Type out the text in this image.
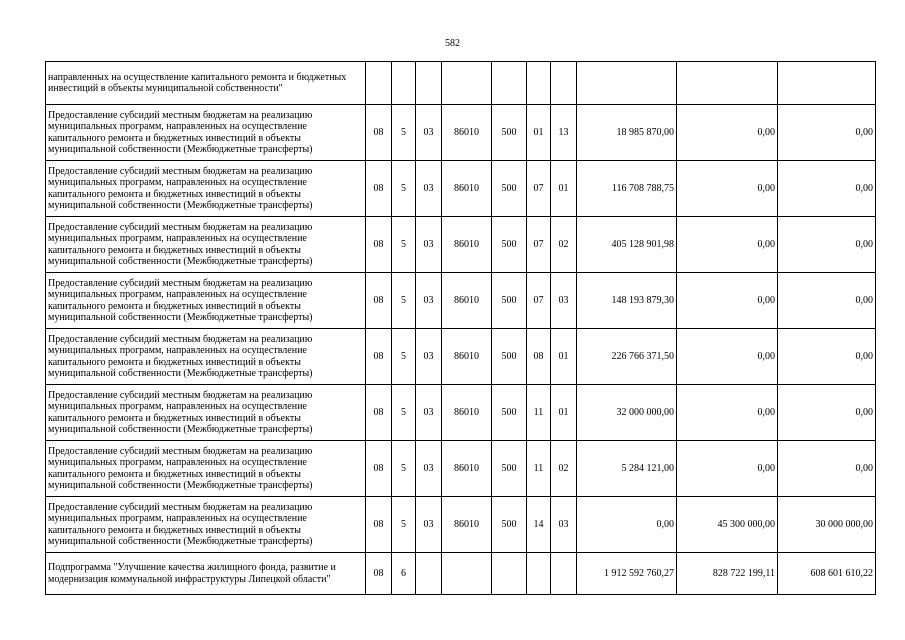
582
направленных на осуществление капитального ремонта и бюджетных инвестиций в объекты муниципальной собственности"										
Предоставление субсидий местным бюджетам на реализацию муниципальных программ, направленных на осуществление капитального ремонта и бюджетных инвестиций в объекты муниципальной собственности (Межбюджетные трансферты)	08	5	03	86010	500	01	13	18 985 870,00	0,00	0,00
Предоставление субсидий местным бюджетам на реализацию муниципальных программ, направленных на осуществление капитального ремонта и бюджетных инвестиций в объекты муниципальной собственности (Межбюджетные трансферты)	08	5	03	86010	500	07	01	116 708 788,75	0,00	0,00
Предоставление субсидий местным бюджетам на реализацию муниципальных программ, направленных на осуществление капитального ремонта и бюджетных инвестиций в объекты муниципальной собственности (Межбюджетные трансферты)	08	5	03	86010	500	07	02	405 128 901,98	0,00	0,00
Предоставление субсидий местным бюджетам на реализацию муниципальных программ, направленных на осуществление капитального ремонта и бюджетных инвестиций в объекты муниципальной собственности (Межбюджетные трансферты)	08	5	03	86010	500	07	03	148 193 879,30	0,00	0,00
Предоставление субсидий местным бюджетам на реализацию муниципальных программ, направленных на осуществление капитального ремонта и бюджетных инвестиций в объекты муниципальной собственности (Межбюджетные трансферты)	08	5	03	86010	500	08	01	226 766 371,50	0,00	0,00
Предоставление субсидий местным бюджетам на реализацию муниципальных программ, направленных на осуществление капитального ремонта и бюджетных инвестиций в объекты муниципальной собственности (Межбюджетные трансферты)	08	5	03	86010	500	11	01	32 000 000,00	0,00	0,00
Предоставление субсидий местным бюджетам на реализацию муниципальных программ, направленных на осуществление капитального ремонта и бюджетных инвестиций в объекты муниципальной собственности (Межбюджетные трансферты)	08	5	03	86010	500	11	02	5 284 121,00	0,00	0,00
Предоставление субсидий местным бюджетам на реализацию муниципальных программ, направленных на осуществление капитального ремонта и бюджетных инвестиций в объекты муниципальной собственности (Межбюджетные трансферты)	08	5	03	86010	500	14	03	0,00	45 300 000,00	30 000 000,00
Подпрограмма "Улучшение качества жилищного фонда, развитие и модернизация коммунальной инфраструктуры Липецкой области"	08	6						1 912 592 760,27	828 722 199,11	608 601 610,22
